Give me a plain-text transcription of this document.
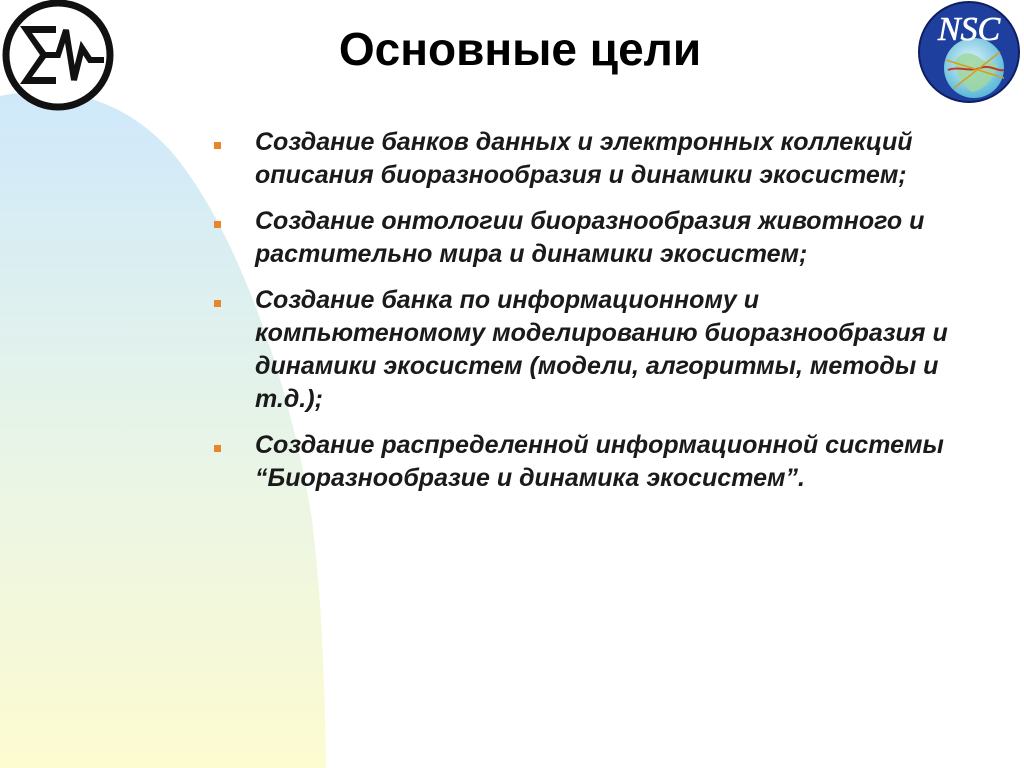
NSC
Основные цели
Создание банков данных и электронных коллекций описания биоразнообразия и динамики экосистем;
Создание онтологии биоразнообразия животного и растительно мира и динамики экосистем;
Создание банка по информационному и компьютеномому моделированию биоразнообразия и динамики экосистем (модели, алгоритмы, методы и т.д.);
Создание распределенной информационной системы “Биоразнообразие и динамика экосистем”.
